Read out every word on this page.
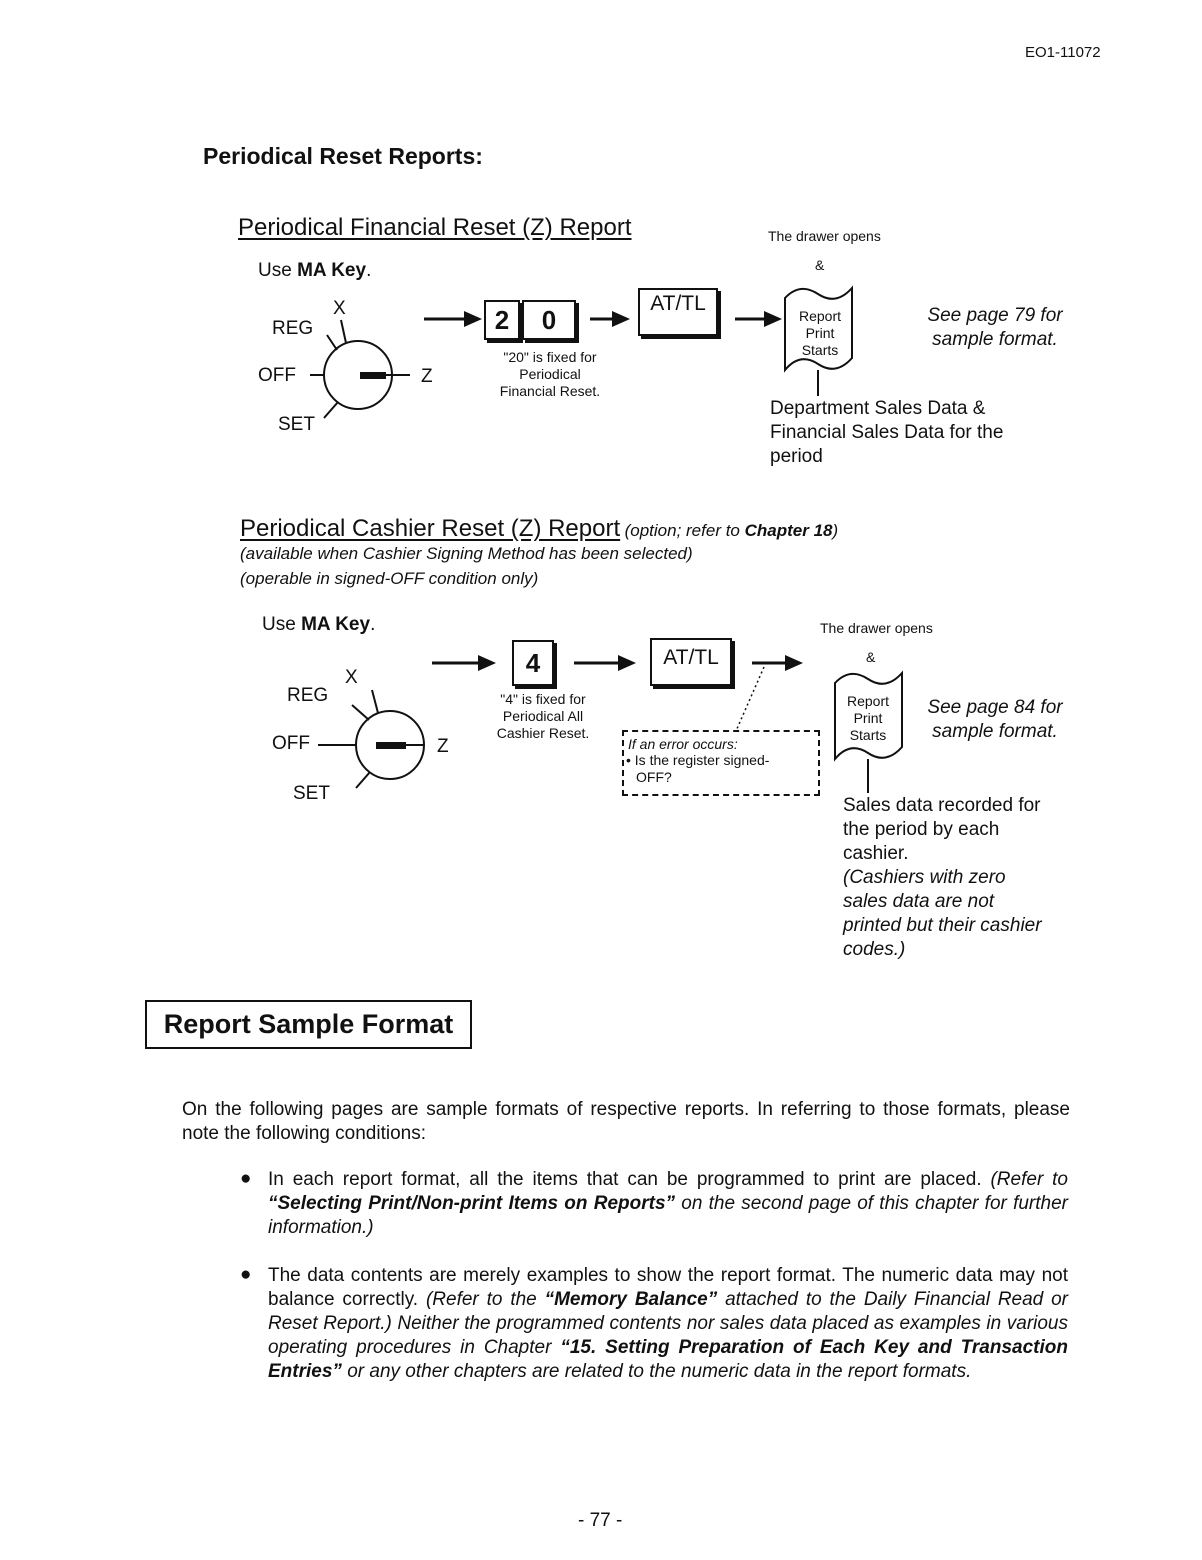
EO1-11072
Periodical Reset Reports:
Periodical Financial Reset (Z) Report	The drawer opens
&
Use MA Key.
X
REG
OFF	Z
SET
2	0
AT/TL
"20" is fixed for
Periodical
Financial Reset.
Report
Print
Starts
See page 79 for
sample format.
Department Sales Data &
Financial Sales Data for the
period
Periodical Cashier Reset (Z) Report (option; refer to Chapter 18)
(available when Cashier Signing Method has been selected)
(operable in signed-OFF condition only)
Use MA Key.	The drawer opens
&
X
REG
OFF	Z
SET
4	AT/TL
"4" is fixed for
Periodical All
Cashier Reset.
If an error occurs:
• Is the register signed-
OFF?
Report
Print
Starts
See page 84 for
sample format.
Sales data recorded for
the period by each
cashier.
(Cashiers with zero
sales data are not
printed but their cashier
codes.)
Report Sample Format
On the following pages are sample formats of respective reports. In referring to those formats, please note the following conditions:
● In each report format, all the items that can be programmed to print are placed. (Refer to “Selecting Print/Non-print Items on Reports” on the second page of this chapter for further information.)
● The data contents are merely examples to show the report format. The numeric data may not balance correctly. (Refer to the “Memory Balance” attached to the Daily Financial Read or Reset Report.) Neither the programmed contents nor sales data placed as examples in various operating procedures in Chapter “15. Setting Preparation of Each Key and Transaction Entries” or any other chapters are related to the numeric data in the report formats.
- 77 -
